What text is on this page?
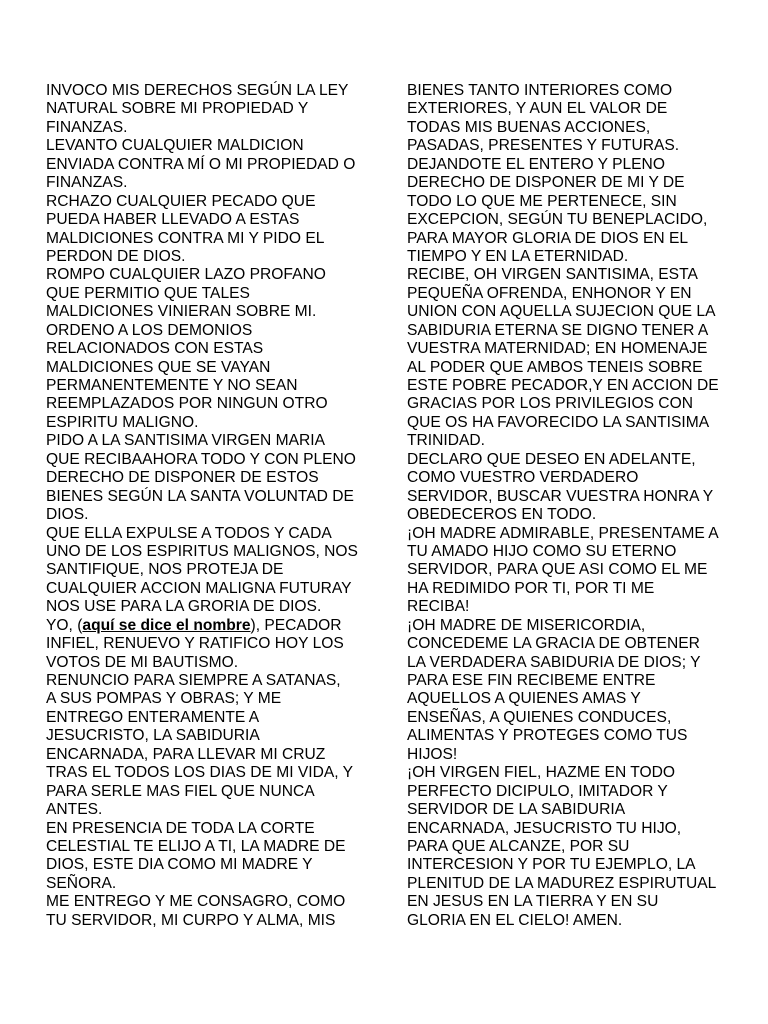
INVOCO MIS DERECHOS SEGÚN LA LEY
NATURAL SOBRE MI PROPIEDAD Y
FINANZAS.
LEVANTO CUALQUIER MALDICION
ENVIADA CONTRA MÍ O MI PROPIEDAD O
FINANZAS.
RCHAZO CUALQUIER PECADO QUE
PUEDA HABER LLEVADO A ESTAS
MALDICIONES CONTRA MI Y PIDO EL
PERDON DE DIOS.
ROMPO CUALQUIER LAZO PROFANO
QUE PERMITIO QUE TALES
MALDICIONES VINIERAN SOBRE MI.
ORDENO A LOS DEMONIOS
RELACIONADOS CON ESTAS
MALDICIONES QUE SE VAYAN
PERMANENTEMENTE Y NO SEAN
REEMPLAZADOS POR NINGUN OTRO
ESPIRITU MALIGNO.
PIDO A LA SANTISIMA VIRGEN MARIA
QUE RECIBAAHORA TODO Y CON PLENO
DERECHO DE DISPONER DE ESTOS
BIENES SEGÚN LA SANTA VOLUNTAD DE
DIOS.
QUE ELLA EXPULSE A TODOS Y CADA
UNO DE LOS ESPIRITUS MALIGNOS, NOS
SANTIFIQUE, NOS PROTEJA DE
CUALQUIER ACCION MALIGNA FUTURAY
NOS USE PARA LA GRORIA DE DIOS.
YO, (aquí se dice el nombre), PECADOR
INFIEL, RENUEVO Y RATIFICO HOY LOS
VOTOS DE MI BAUTISMO.
RENUNCIO PARA SIEMPRE A SATANAS,
A SUS POMPAS Y OBRAS; Y ME
ENTREGO ENTERAMENTE A
JESUCRISTO, LA SABIDURIA
ENCARNADA, PARA LLEVAR MI CRUZ
TRAS EL TODOS LOS DIAS DE MI VIDA, Y
PARA SERLE MAS FIEL QUE NUNCA
ANTES.
EN PRESENCIA DE TODA LA CORTE
CELESTIAL TE ELIJO A TI, LA MADRE DE
DIOS, ESTE DIA COMO MI MADRE Y
SEÑORA.
ME ENTREGO Y ME CONSAGRO, COMO
TU SERVIDOR, MI CURPO Y ALMA, MIS
BIENES TANTO INTERIORES COMO
EXTERIORES, Y AUN EL VALOR DE
TODAS MIS BUENAS ACCIONES,
PASADAS, PRESENTES Y FUTURAS.
DEJANDOTE EL ENTERO Y PLENO
DERECHO DE DISPONER DE MI Y DE
TODO LO QUE ME PERTENECE, SIN
EXCEPCION, SEGÚN TU BENEPLACIDO,
PARA MAYOR GLORIA DE DIOS EN EL
TIEMPO Y EN LA ETERNIDAD.
RECIBE, OH VIRGEN SANTISIMA, ESTA
PEQUEÑA OFRENDA, ENHONOR Y EN
UNION CON AQUELLA SUJECION QUE LA
SABIDURIA ETERNA SE DIGNO TENER A
VUESTRA MATERNIDAD; EN HOMENAJE
AL PODER QUE AMBOS TENEIS SOBRE
ESTE POBRE PECADOR,Y EN ACCION DE
GRACIAS POR LOS PRIVILEGIOS CON
QUE OS HA FAVORECIDO LA SANTISIMA
TRINIDAD.
DECLARO QUE DESEO EN ADELANTE,
COMO VUESTRO VERDADERO
SERVIDOR, BUSCAR VUESTRA HONRA Y
OBEDECEROS EN TODO.
¡OH MADRE ADMIRABLE, PRESENTAME A
TU AMADO HIJO COMO SU ETERNO
SERVIDOR, PARA QUE ASI COMO EL ME
HA REDIMIDO POR TI, POR TI ME
RECIBA!
¡OH MADRE DE MISERICORDIA,
CONCEDEME LA GRACIA DE OBTENER
LA VERDADERA SABIDURIA DE DIOS; Y
PARA ESE FIN RECIBEME ENTRE
AQUELLOS A QUIENES AMAS Y
ENSEÑAS, A QUIENES CONDUCES,
ALIMENTAS Y PROTEGES COMO TUS
HIJOS!
¡OH VIRGEN FIEL, HAZME EN TODO
PERFECTO DICIPULO, IMITADOR Y
SERVIDOR DE LA SABIDURIA
ENCARNADA, JESUCRISTO TU HIJO,
PARA QUE ALCANZE, POR SU
INTERCESION Y POR TU EJEMPLO, LA
PLENITUD DE LA MADUREZ ESPIRUTUAL
EN JESUS EN LA TIERRA Y EN SU
GLORIA EN EL CIELO! AMEN.
